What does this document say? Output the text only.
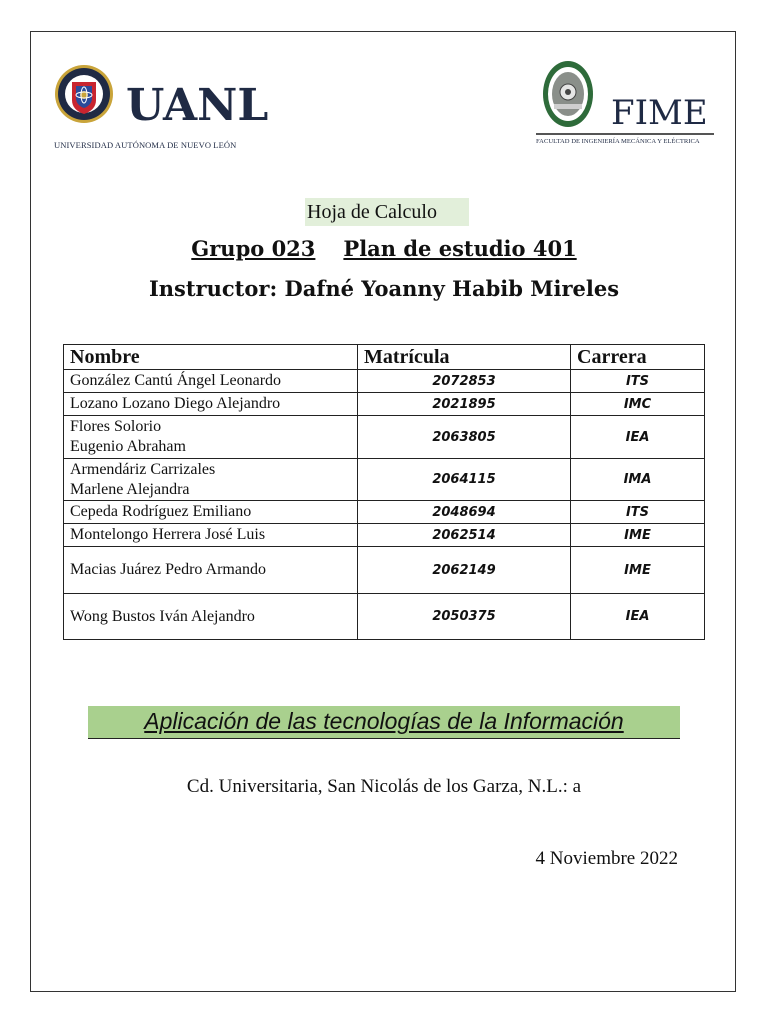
UANL
UNIVERSIDAD AUTÓNOMA DE NUEVO LEÓN
FIME
FACULTAD DE INGENIERÍA MECÁNICA Y ELÉCTRICA
Hoja de Calculo
Grupo 023 Plan de estudio 401
Instructor: Dafné Yoanny Habib Mireles
Nombre	Matrícula	Carrera

González Cantú Ángel Leonardo	2072853	ITS

Lozano Lozano Diego Alejandro	2021895	IMC

Flores Solorio
Eugenio Abraham	2063805	IEA

Armendáriz Carrizales
Marlene Alejandra	2064115	IMA

Cepeda Rodríguez Emiliano	2048694	ITS

Montelongo Herrera José Luis	2062514	IME

Macias Juárez Pedro Armando	2062149	IME

Wong Bustos Iván Alejandro	2050375	IEA
Aplicación de las tecnologías de la Información
Cd. Universitaria, San Nicolás de los Garza, N.L.: a
4 Noviembre 2022
